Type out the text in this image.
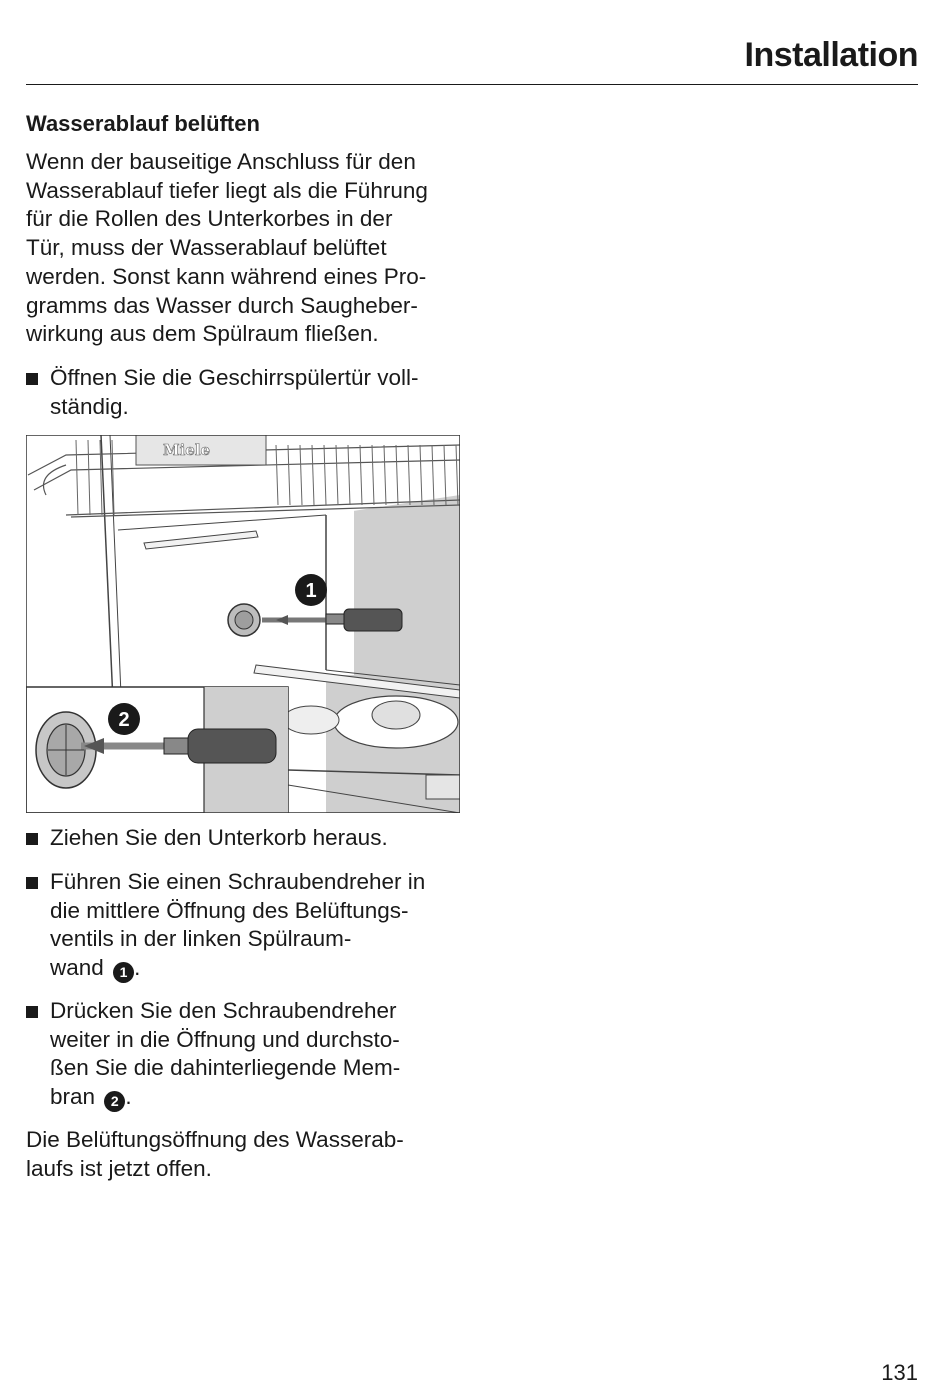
Installation
Wasserablauf belüften
Wenn der bauseitige Anschluss für den
Wasserablauf tiefer liegt als die Führung
für die Rollen des Unterkorbes in der
Tür, muss der Wasserablauf belüftet
werden. Sonst kann während eines Pro-
gramms das Wasser durch Saugheber-
wirkung aus dem Spülraum fließen.
Öffnen Sie die Geschirrspülertür voll-
ständig.
Miele
1
2
Ziehen Sie den Unterkorb heraus.
Führen Sie einen Schraubendreher in
die mittlere Öffnung des Belüftungs-
ventils in der linken Spülraum-
wand 1 .
Drücken Sie den Schraubendreher
weiter in die Öffnung und durchsto-
ßen Sie die dahinterliegende Mem-
bran 2 .
Die Belüftungsöffnung des Wasserab-
laufs ist jetzt offen.
131
